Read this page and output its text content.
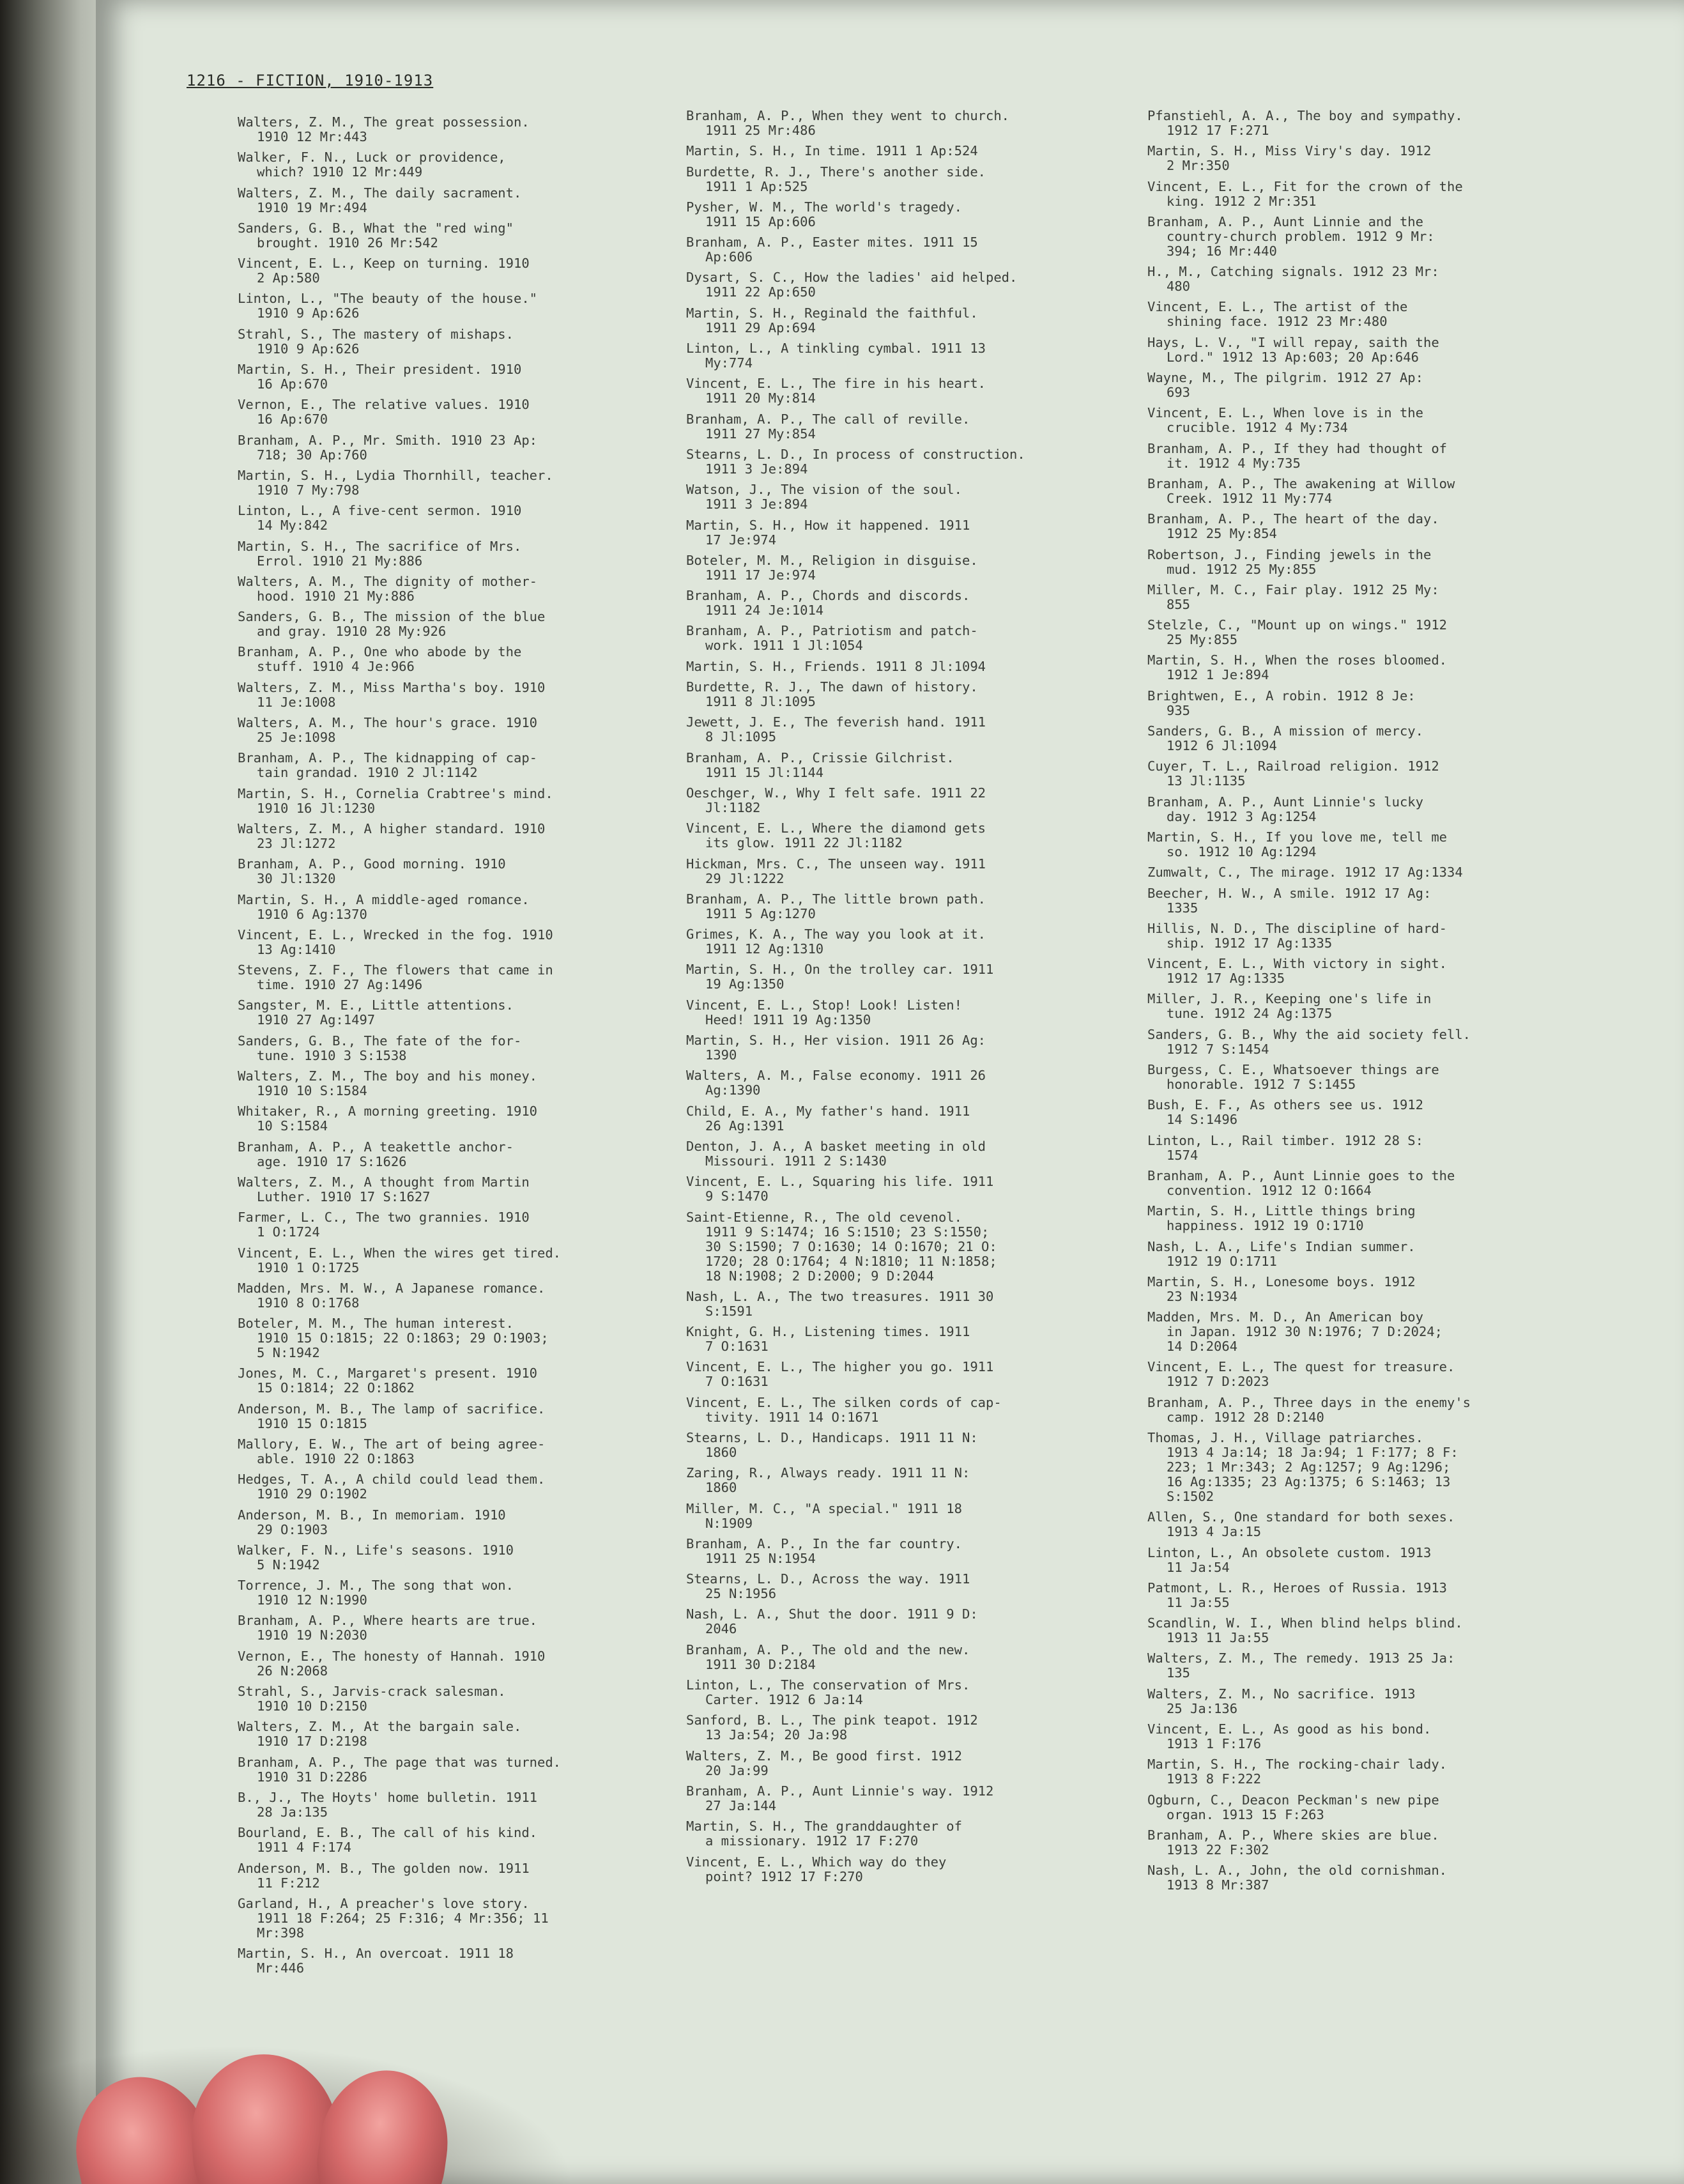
1216 - FICTION, 1910-1913
Walters, Z. M., The great possession.
1910 12 Mr:443
Walker, F. N., Luck or providence,
which? 1910 12 Mr:449
Walters, Z. M., The daily sacrament.
1910 19 Mr:494
Sanders, G. B., What the "red wing"
brought. 1910 26 Mr:542
Vincent, E. L., Keep on turning. 1910
2 Ap:580
Linton, L., "The beauty of the house."
1910 9 Ap:626
Strahl, S., The mastery of mishaps.
1910 9 Ap:626
Martin, S. H., Their president. 1910
16 Ap:670
Vernon, E., The relative values. 1910
16 Ap:670
Branham, A. P., Mr. Smith. 1910 23 Ap:
718; 30 Ap:760
Martin, S. H., Lydia Thornhill, teacher.
1910 7 My:798
Linton, L., A five-cent sermon. 1910
14 My:842
Martin, S. H., The sacrifice of Mrs.
Errol. 1910 21 My:886
Walters, A. M., The dignity of mother-
hood. 1910 21 My:886
Sanders, G. B., The mission of the blue
and gray. 1910 28 My:926
Branham, A. P., One who abode by the
stuff. 1910 4 Je:966
Walters, Z. M., Miss Martha's boy. 1910
11 Je:1008
Walters, A. M., The hour's grace. 1910
25 Je:1098
Branham, A. P., The kidnapping of cap-
tain grandad. 1910 2 Jl:1142
Martin, S. H., Cornelia Crabtree's mind.
1910 16 Jl:1230
Walters, Z. M., A higher standard. 1910
23 Jl:1272
Branham, A. P., Good morning. 1910
30 Jl:1320
Martin, S. H., A middle-aged romance.
1910 6 Ag:1370
Vincent, E. L., Wrecked in the fog. 1910
13 Ag:1410
Stevens, Z. F., The flowers that came in
time. 1910 27 Ag:1496
Sangster, M. E., Little attentions.
1910 27 Ag:1497
Sanders, G. B., The fate of the for-
tune. 1910 3 S:1538
Walters, Z. M., The boy and his money.
1910 10 S:1584
Whitaker, R., A morning greeting. 1910
10 S:1584
Branham, A. P., A teakettle anchor-
age. 1910 17 S:1626
Walters, Z. M., A thought from Martin
Luther. 1910 17 S:1627
Farmer, L. C., The two grannies. 1910
1 O:1724
Vincent, E. L., When the wires get tired.
1910 1 O:1725
Madden, Mrs. M. W., A Japanese romance.
1910 8 O:1768
Boteler, M. M., The human interest.
1910 15 O:1815; 22 O:1863; 29 O:1903;
5 N:1942
Jones, M. C., Margaret's present. 1910
15 O:1814; 22 O:1862
Anderson, M. B., The lamp of sacrifice.
1910 15 O:1815
Mallory, E. W., The art of being agree-
able. 1910 22 O:1863
Hedges, T. A., A child could lead them.
1910 29 O:1902
Anderson, M. B., In memoriam. 1910
29 O:1903
Walker, F. N., Life's seasons. 1910
5 N:1942
Torrence, J. M., The song that won.
1910 12 N:1990
Branham, A. P., Where hearts are true.
1910 19 N:2030
Vernon, E., The honesty of Hannah. 1910
26 N:2068
Strahl, S., Jarvis-crack salesman.
1910 10 D:2150
Walters, Z. M., At the bargain sale.
1910 17 D:2198
Branham, A. P., The page that was turned.
1910 31 D:2286
B., J., The Hoyts' home bulletin. 1911
28 Ja:135
Bourland, E. B., The call of his kind.
1911 4 F:174
Anderson, M. B., The golden now. 1911
11 F:212
Garland, H., A preacher's love story.
1911 18 F:264; 25 F:316; 4 Mr:356; 11
Mr:398
Martin, S. H., An overcoat. 1911 18
Mr:446
Branham, A. P., When they went to church.
1911 25 Mr:486
Martin, S. H., In time. 1911 1 Ap:524
Burdette, R. J., There's another side.
1911 1 Ap:525
Pysher, W. M., The world's tragedy.
1911 15 Ap:606
Branham, A. P., Easter mites. 1911 15
Ap:606
Dysart, S. C., How the ladies' aid helped.
1911 22 Ap:650
Martin, S. H., Reginald the faithful.
1911 29 Ap:694
Linton, L., A tinkling cymbal. 1911 13
My:774
Vincent, E. L., The fire in his heart.
1911 20 My:814
Branham, A. P., The call of reville.
1911 27 My:854
Stearns, L. D., In process of construction.
1911 3 Je:894
Watson, J., The vision of the soul.
1911 3 Je:894
Martin, S. H., How it happened. 1911
17 Je:974
Boteler, M. M., Religion in disguise.
1911 17 Je:974
Branham, A. P., Chords and discords.
1911 24 Je:1014
Branham, A. P., Patriotism and patch-
work. 1911 1 Jl:1054
Martin, S. H., Friends. 1911 8 Jl:1094
Burdette, R. J., The dawn of history.
1911 8 Jl:1095
Jewett, J. E., The feverish hand. 1911
8 Jl:1095
Branham, A. P., Crissie Gilchrist.
1911 15 Jl:1144
Oeschger, W., Why I felt safe. 1911 22
Jl:1182
Vincent, E. L., Where the diamond gets
its glow. 1911 22 Jl:1182
Hickman, Mrs. C., The unseen way. 1911
29 Jl:1222
Branham, A. P., The little brown path.
1911 5 Ag:1270
Grimes, K. A., The way you look at it.
1911 12 Ag:1310
Martin, S. H., On the trolley car. 1911
19 Ag:1350
Vincent, E. L., Stop! Look! Listen!
Heed! 1911 19 Ag:1350
Martin, S. H., Her vision. 1911 26 Ag:
1390
Walters, A. M., False economy. 1911 26
Ag:1390
Child, E. A., My father's hand. 1911
26 Ag:1391
Denton, J. A., A basket meeting in old
Missouri. 1911 2 S:1430
Vincent, E. L., Squaring his life. 1911
9 S:1470
Saint-Etienne, R., The old cevenol.
1911 9 S:1474; 16 S:1510; 23 S:1550;
30 S:1590; 7 O:1630; 14 O:1670; 21 O:
1720; 28 O:1764; 4 N:1810; 11 N:1858;
18 N:1908; 2 D:2000; 9 D:2044
Nash, L. A., The two treasures. 1911 30
S:1591
Knight, G. H., Listening times. 1911
7 O:1631
Vincent, E. L., The higher you go. 1911
7 O:1631
Vincent, E. L., The silken cords of cap-
tivity. 1911 14 O:1671
Stearns, L. D., Handicaps. 1911 11 N:
1860
Zaring, R., Always ready. 1911 11 N:
1860
Miller, M. C., "A special." 1911 18
N:1909
Branham, A. P., In the far country.
1911 25 N:1954
Stearns, L. D., Across the way. 1911
25 N:1956
Nash, L. A., Shut the door. 1911 9 D:
2046
Branham, A. P., The old and the new.
1911 30 D:2184
Linton, L., The conservation of Mrs.
Carter. 1912 6 Ja:14
Sanford, B. L., The pink teapot. 1912
13 Ja:54; 20 Ja:98
Walters, Z. M., Be good first. 1912
20 Ja:99
Branham, A. P., Aunt Linnie's way. 1912
27 Ja:144
Martin, S. H., The granddaughter of
a missionary. 1912 17 F:270
Vincent, E. L., Which way do they
point? 1912 17 F:270
Pfanstiehl, A. A., The boy and sympathy.
1912 17 F:271
Martin, S. H., Miss Viry's day. 1912
2 Mr:350
Vincent, E. L., Fit for the crown of the
king. 1912 2 Mr:351
Branham, A. P., Aunt Linnie and the
country-church problem. 1912 9 Mr:
394; 16 Mr:440
H., M., Catching signals. 1912 23 Mr:
480
Vincent, E. L., The artist of the
shining face. 1912 23 Mr:480
Hays, L. V., "I will repay, saith the
Lord." 1912 13 Ap:603; 20 Ap:646
Wayne, M., The pilgrim. 1912 27 Ap:
693
Vincent, E. L., When love is in the
crucible. 1912 4 My:734
Branham, A. P., If they had thought of
it. 1912 4 My:735
Branham, A. P., The awakening at Willow
Creek. 1912 11 My:774
Branham, A. P., The heart of the day.
1912 25 My:854
Robertson, J., Finding jewels in the
mud. 1912 25 My:855
Miller, M. C., Fair play. 1912 25 My:
855
Stelzle, C., "Mount up on wings." 1912
25 My:855
Martin, S. H., When the roses bloomed.
1912 1 Je:894
Brightwen, E., A robin. 1912 8 Je:
935
Sanders, G. B., A mission of mercy.
1912 6 Jl:1094
Cuyer, T. L., Railroad religion. 1912
13 Jl:1135
Branham, A. P., Aunt Linnie's lucky
day. 1912 3 Ag:1254
Martin, S. H., If you love me, tell me
so. 1912 10 Ag:1294
Zumwalt, C., The mirage. 1912 17 Ag:1334
Beecher, H. W., A smile. 1912 17 Ag:
1335
Hillis, N. D., The discipline of hard-
ship. 1912 17 Ag:1335
Vincent, E. L., With victory in sight.
1912 17 Ag:1335
Miller, J. R., Keeping one's life in
tune. 1912 24 Ag:1375
Sanders, G. B., Why the aid society fell.
1912 7 S:1454
Burgess, C. E., Whatsoever things are
honorable. 1912 7 S:1455
Bush, E. F., As others see us. 1912
14 S:1496
Linton, L., Rail timber. 1912 28 S:
1574
Branham, A. P., Aunt Linnie goes to the
convention. 1912 12 O:1664
Martin, S. H., Little things bring
happiness. 1912 19 O:1710
Nash, L. A., Life's Indian summer.
1912 19 O:1711
Martin, S. H., Lonesome boys. 1912
23 N:1934
Madden, Mrs. M. D., An American boy
in Japan. 1912 30 N:1976; 7 D:2024;
14 D:2064
Vincent, E. L., The quest for treasure.
1912 7 D:2023
Branham, A. P., Three days in the enemy's
camp. 1912 28 D:2140
Thomas, J. H., Village patriarches.
1913 4 Ja:14; 18 Ja:94; 1 F:177; 8 F:
223; 1 Mr:343; 2 Ag:1257; 9 Ag:1296;
16 Ag:1335; 23 Ag:1375; 6 S:1463; 13
S:1502
Allen, S., One standard for both sexes.
1913 4 Ja:15
Linton, L., An obsolete custom. 1913
11 Ja:54
Patmont, L. R., Heroes of Russia. 1913
11 Ja:55
Scandlin, W. I., When blind helps blind.
1913 11 Ja:55
Walters, Z. M., The remedy. 1913 25 Ja:
135
Walters, Z. M., No sacrifice. 1913
25 Ja:136
Vincent, E. L., As good as his bond.
1913 1 F:176
Martin, S. H., The rocking-chair lady.
1913 8 F:222
Ogburn, C., Deacon Peckman's new pipe
organ. 1913 15 F:263
Branham, A. P., Where skies are blue.
1913 22 F:302
Nash, L. A., John, the old cornishman.
1913 8 Mr:387
